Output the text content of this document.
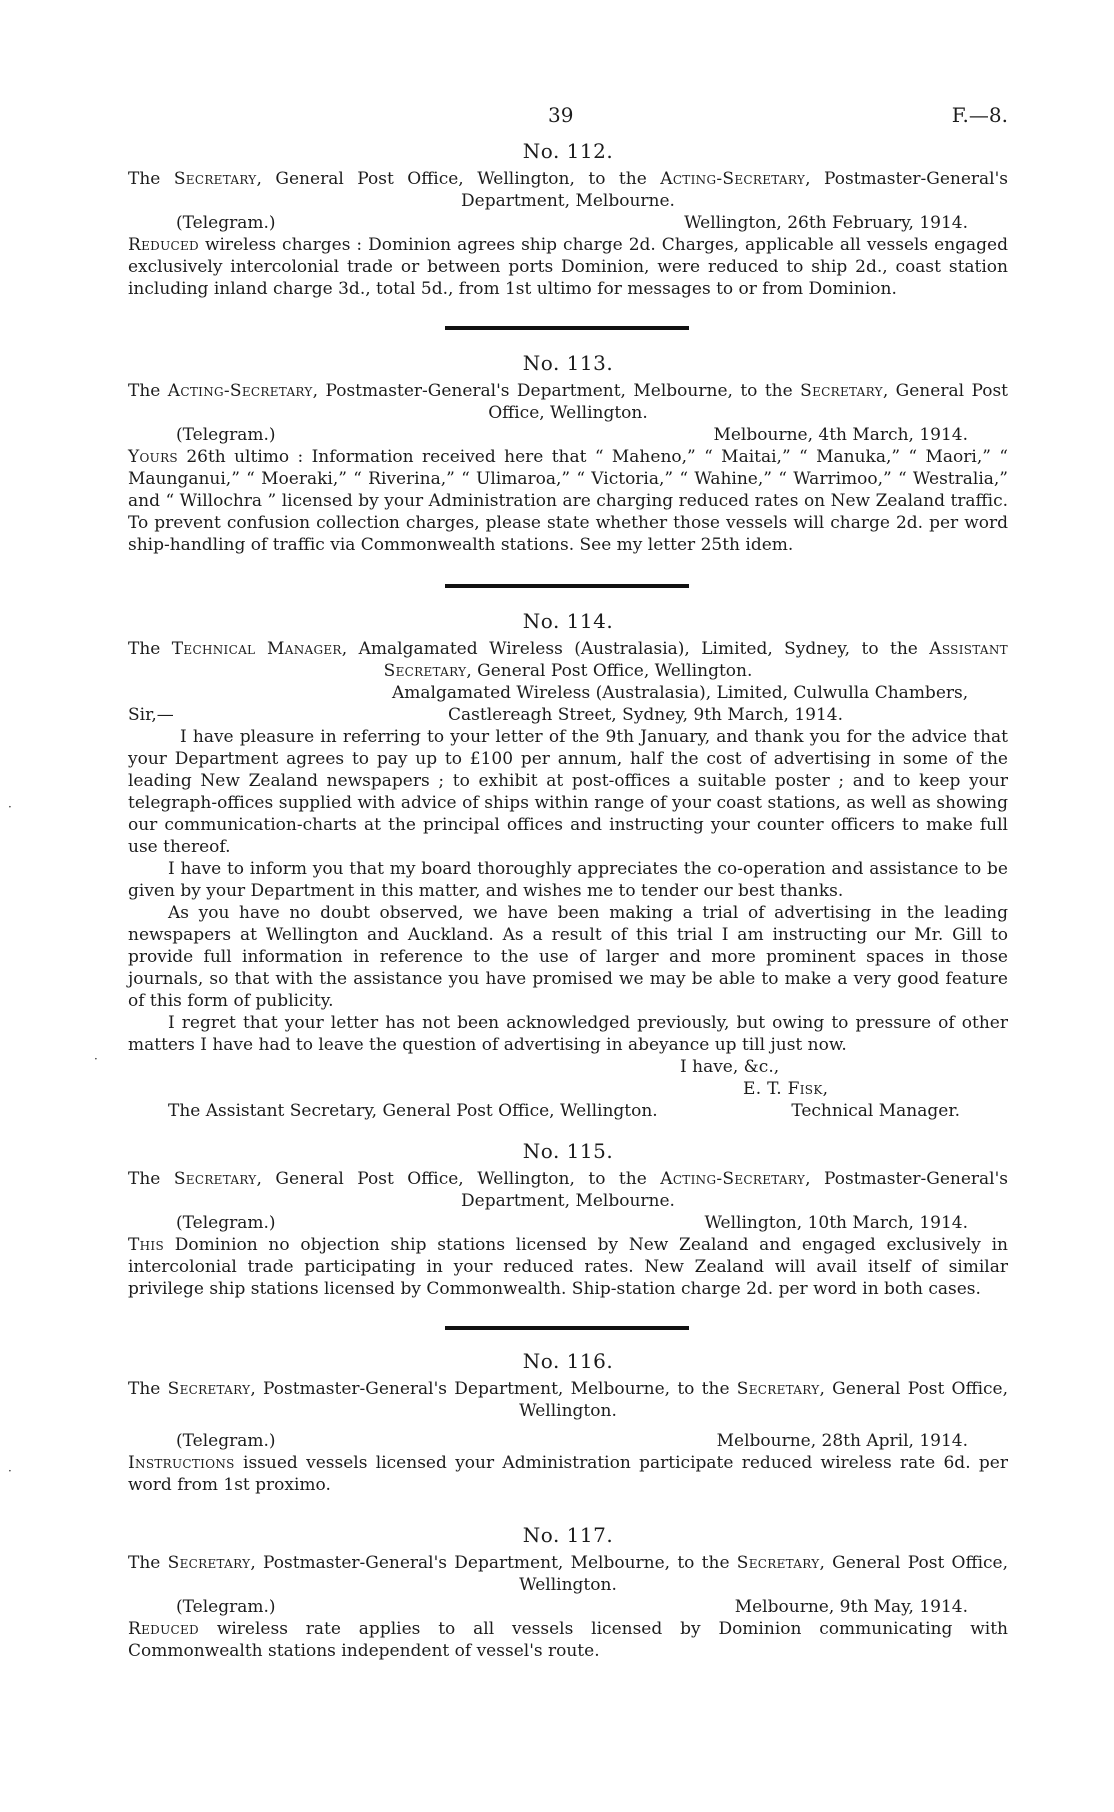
39	F.—8.
No. 112.
The Secretary, General Post Office, Wellington, to the Acting-Secretary, Postmaster-General's Department, Melbourne.
(Telegram.)	Wellington, 26th February, 1914.

Reduced wireless charges : Dominion agrees ship charge 2d. Charges, applicable all vessels engaged exclusively intercolonial trade or between ports Dominion, were reduced to ship 2d., coast station including inland charge 3d., total 5d., from 1st ultimo for messages to or from Dominion.

No. 113.
The Acting-Secretary, Postmaster-General's Department, Melbourne, to the Secretary, General Post Office, Wellington.
(Telegram.)	Melbourne, 4th March, 1914.

Yours 26th ultimo : Information received here that “ Maheno,” “ Maitai,” “ Manuka,” “ Maori,” “ Maunganui,” “ Moeraki,” “ Riverina,” “ Ulimaroa,” “ Victoria,” “ Wahine,” “ Warrimoo,” “ Westralia,” and “ Willochra ” licensed by your Administration are charging reduced rates on New Zealand traffic. To prevent confusion collection charges, please state whether those vessels will charge 2d. per word ship-handling of traffic via Commonwealth stations. See my letter 25th idem.

No. 114.
The Technical Manager, Amalgamated Wireless (Australasia), Limited, Sydney, to the Assistant Secretary, General Post Office, Wellington.
Amalgamated Wireless (Australasia), Limited, Culwulla Chambers,
Sir,—	Castlereagh Street, Sydney, 9th March, 1914.

I have pleasure in referring to your letter of the 9th January, and thank you for the advice that your Department agrees to pay up to £100 per annum, half the cost of advertising in some of the leading New Zealand newspapers ; to exhibit at post-offices a suitable poster ; and to keep your telegraph-offices supplied with advice of ships within range of your coast stations, as well as showing our communication-charts at the principal offices and instructing your counter officers to make full use thereof.

I have to inform you that my board thoroughly appreciates the co-operation and assistance to be given by your Department in this matter, and wishes me to tender our best thanks.

As you have no doubt observed, we have been making a trial of advertising in the leading newspapers at Wellington and Auckland. As a result of this trial I am instructing our Mr. Gill to provide full information in reference to the use of larger and more prominent spaces in those journals, so that with the assistance you have promised we may be able to make a very good feature of this form of publicity.

I regret that your letter has not been acknowledged previously, but owing to pressure of other matters I have had to leave the question of advertising in abeyance up till just now.

I have, &c.,
E. T. Fisk,
The Assistant Secretary, General Post Office, Wellington.	Technical Manager.
No. 115.
The Secretary, General Post Office, Wellington, to the Acting-Secretary, Postmaster-General's Department, Melbourne.
(Telegram.)	Wellington, 10th March, 1914.

This Dominion no objection ship stations licensed by New Zealand and engaged exclusively in intercolonial trade participating in your reduced rates. New Zealand will avail itself of similar privilege ship stations licensed by Commonwealth. Ship-station charge 2d. per word in both cases.

No. 116.
The Secretary, Postmaster-General's Department, Melbourne, to the Secretary, General Post Office, Wellington.
(Telegram.)	Melbourne, 28th April, 1914.

Instructions issued vessels licensed your Administration participate reduced wireless rate 6d. per word from 1st proximo.

No. 117.
The Secretary, Postmaster-General's Department, Melbourne, to the Secretary, General Post Office, Wellington.
(Telegram.)	Melbourne, 9th May, 1914.

Reduced wireless rate applies to all vessels licensed by Dominion communicating with Commonwealth stations independent of vessel's route.

·
·
·
